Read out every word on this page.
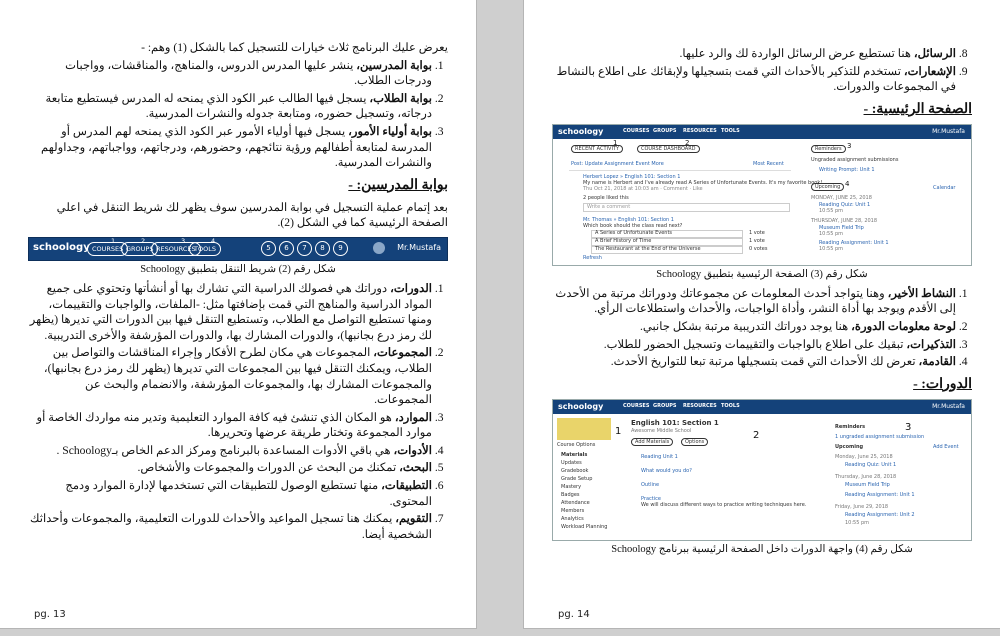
يعرض عليك البرنامج ثلاث خيارات للتسجيل كما بالشكل (1) وهم: -

1. بوابة المدرسين، ينشر عليها المدرس الدروس، والمناهج، والمناقشات، وواجبات ودرجات الطلاب.
2. بوابة الطلاب، يسجل فيها الطالب عبر الكود الذي يمنحه له المدرس فيستطيع متابعة درجاته، وتسجيل حضوره، ومتابعة جدوله والنشرات المدرسية.
3. بوابة أولياء الأمور، يسجل فيها أولياء الأمور عبر الكود الذي يمنحه لهم المدرس أو المدرسة لمتابعة أطفالهم ورؤية نتائجهم، وحضورهم، ودرجاتهم، وواجباتهم، وجداولهم والنشرات المدرسية.
بوابة المدرسين: -

بعد إتمام عملية التسجيل في بوابة المدرسين سوف يظهر لك شريط التنقل في اعلي الصفحة الرئيسية كما في الشكل (2).

schoology COURSES
1
GROUPS
2
RESOURCES
3
TOOLS
4
5	6	7	8	9	Mr.Mustafa
شكل رقم (2) شريط التنقل بتطبيق Schoology
1. الدورات، دوراتك هي فصولك الدراسية التي تشارك بها أو أنشأتها وتحتوي على جميع المواد الدراسية والمناهج التي قمت بإضافتها مثل: -الملفات، والواجبات والتقييمات، ومنها تستطيع التواصل مع الطلاب، وتستطيع التنقل فيها بين الدورات التي تديرها (يظهر لك رمز درع بجانبها)، والدورات المشارك بها، والدورات المؤرشفة والأخرى التدريبية.
2. المجموعات، المجموعات هي مكان لطرح الأفكار وإجراء المناقشات والتواصل بين الطلاب، ويمكنك التنقل فيها بين المجموعات التي تديرها (يظهر لك رمز درع بجانبها)، والمجموعات المشارك بها، والمجموعات المؤرشفة، والانضمام والبحث عن المجموعات.
3. الموارد، هو المكان الذي تنشئ فيه كافة الموارد التعليمية وتدير منه مواردك الخاصة أو موارد المجموعة وتختار طريقة عرضها وتحريرها.
4. الأدوات، هي باقي الأدوات المساعدة بالبرنامج ومركز الدعم الخاص بـSchoology .
5. البحث، تمكنك من البحث عن الدورات والمجموعات والأشخاص.
6. التطبيقات، منها تستطيع الوصول للتطبيقات التي تستخدمها لإدارة الموارد ودمج المحتوى.
7. التقويم، يمكنك هنا تسجيل المواعيد والأحداث للدورات التعليمية، والمجموعات وأحداثك الشخصية أيضا.
pg. 13
8. الرسائل، هنا تستطيع عرض الرسائل الواردة لك والرد عليها.
9. الإشعارات، تستخدم للتذكير بالأحداث التي قمت بتسجيلها ولإبقائك على اطلاع بالنشاط في المجموعات والدورات.
الصفحة الرئيسية: -
schoology	COURSES GROUPS RESOURCES TOOLS	Mr.Mustafa
RECENT ACTIVITY	COURSE DASHBOARD
2
1
Post: Update Assignment Event More	Most Recent
Herbert Lopez » English 101: Section 1
My name is Herbert and I've already read A Series of Unfortunate Events. It's my favorite book!
Thu Oct 21, 2018 at 10:03 am · Comment · Like
2 people liked this
Write a comment
Mr. Thomas » English 101: Section 1
Which book should the class read next?
A Series of Unfortunate Events	1 vote
A Brief History of Time	1 vote
The Restaurant at the End of the Universe	0 votes
Refresh
Reminders 3
Ungraded assignment submissions
Writing Prompt: Unit 1
Upcoming 4	Calendar
MONDAY, JUNE 25, 2018
Reading Quiz: Unit 1
10:55 pm
THURSDAY, JUNE 28, 2018
Museum Field Trip
10:55 pm
Reading Assignment: Unit 1
10:55 pm
شكل رقم (3) الصفحة الرئيسية بتطبيق Schoology
1. النشاط الأخير، وهنا يتواجد أحدث المعلومات عن مجموعاتك ودوراتك مرتبة من الأحدث إلى الأقدم ويوجد بها أداة النشر، وأداة الواجبات، والأحداث واستطلاعات الرأي.
2. لوحة معلومات الدورة، هنا يوجد دوراتك التدريبية مرتبة بشكل جانبي.
3. التذكيرات، تبقيك على اطلاع بالواجبات والتقييمات وتسجيل الحضور للطلاب.
4. القادمة، تعرض لك الأحداث التي قمت بتسجيلها مرتبة تبعا للتواريخ الأحدث.
الدورات: -
schoology	COURSES GROUPS RESOURCES TOOLS	Mr.Mustafa
1
Course Options
Materials
Updates
Gradebook
Grade Setup
Mastery
Badges
Attendance
Members
Analytics
Workload Planning
English 101: Section 1
Awesome Middle School
Add Materials	Options
2
Reading Unit 1
What would you do?
Outline
Practice
We will discuss different ways to practice writing techniques here.
Reminders	3
1 ungraded assignment submission
Upcoming	Add Event
Monday, June 25, 2018
Reading Quiz: Unit 1
Thursday, June 28, 2018
Museum Field Trip
Reading Assignment: Unit 1
Friday, June 29, 2018
Reading Assignment: Unit 2
10:55 pm
شكل رقم (4) واجهة الدورات داخل الصفحة الرئيسية ببرنامج Schoology
pg. 14
